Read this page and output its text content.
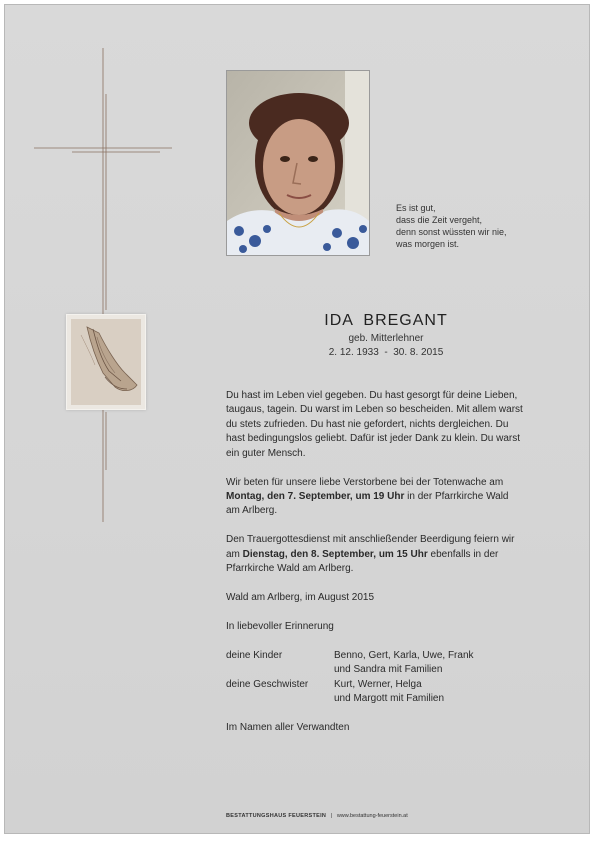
Es ist gut,
dass die Zeit vergeht,
denn sonst wüssten wir nie,
was morgen ist.
IDA BREGANT
geb. Mitterlehner
2. 12. 1933  -  30. 8. 2015
Du hast im Leben viel gegeben. Du hast gesorgt für deine Lieben,
taugaus, tagein. Du warst im Leben so bescheiden. Mit allem warst
du stets zufrieden. Du hast nie gefordert, nichts dergleichen. Du
hast bedingungslos geliebt. Dafür ist jeder Dank zu klein. Du warst
ein guter Mensch.
Wir beten für unsere liebe Verstorbene bei der Totenwache am
Montag, den 7. September, um 19 Uhr in der Pfarrkirche Wald
am Arlberg.
Den Trauergottesdienst mit anschließender Beerdigung feiern wir
am Dienstag, den 8. September, um 15 Uhr ebenfalls in der
Pfarrkirche Wald am Arlberg.
Wald am Arlberg, im August 2015
In liebevoller Erinnerung
deine Kinder	Benno, Gert, Karla, Uwe, Frank
und Sandra mit Familien
deine Geschwister	Kurt, Werner, Helga
und Margott mit Familien
Im Namen aller Verwandten
BESTATTUNGSHAUS FEUERSTEIN | www.bestattung-feuerstein.at
